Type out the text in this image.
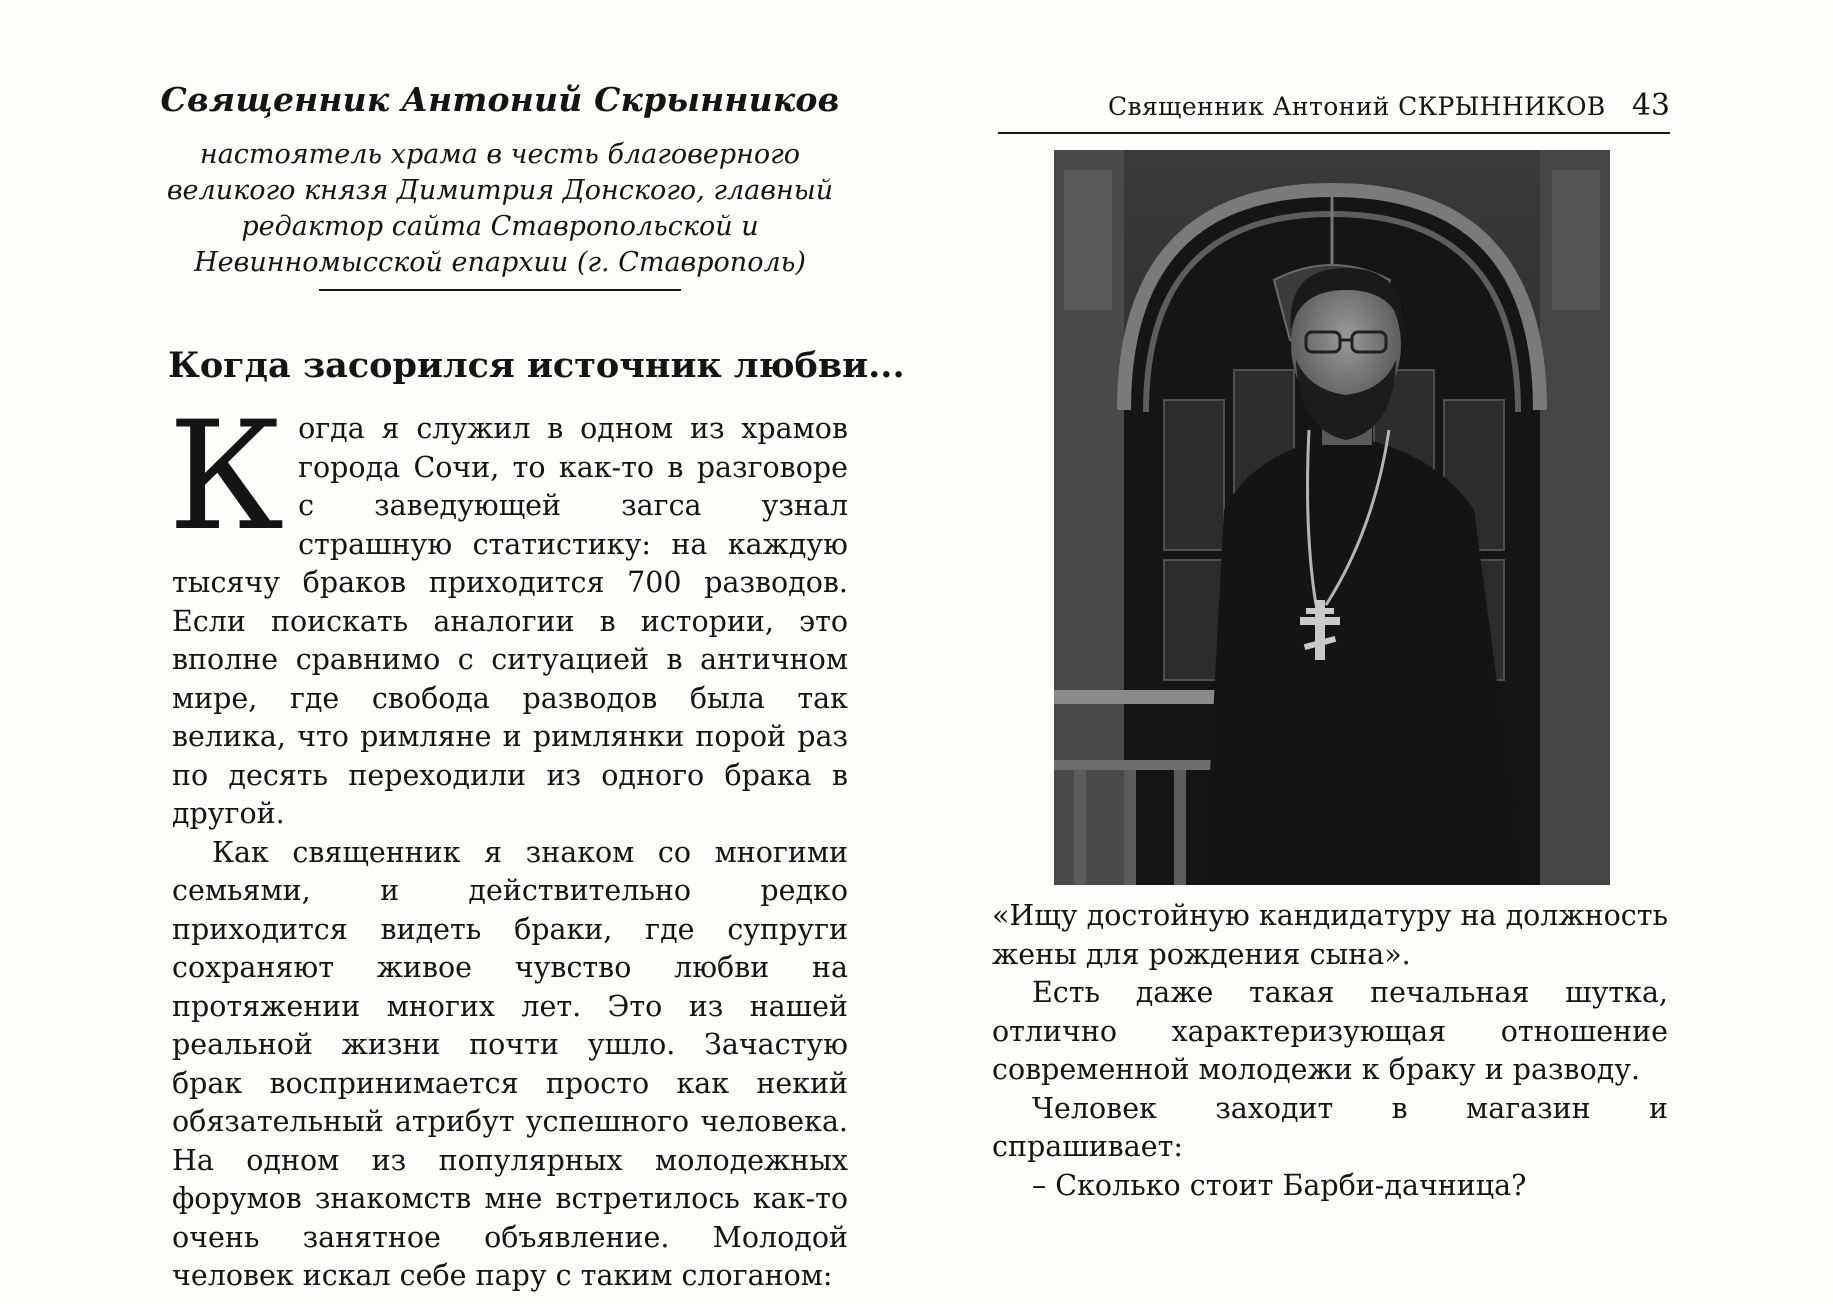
Священник Антоний Скрынников
настоятель храма в честь благоверного великого князя Димитрия Донского, главный редактор сайта Ставропольской и Невинномысской епархии (г. Ставрополь)
Когда засорился источник любви...

Когда я служил в одном из храмов города Сочи, то как-то в разговоре с заведующей загса узнал страшную статистику: на каждую тысячу браков приходится 700 разводов. Если поискать аналогии в истории, это вполне сравнимо с ситуацией в античном мире, где свобода разводов была так велика, что римляне и римлянки порой раз по десять переходили из одного брака в другой.

Как священник я знаком со многими семьями, и действительно редко приходится видеть браки, где супруги сохраняют живое чувство любви на протяжении многих лет. Это из нашей реальной жизни почти ушло. Зачастую брак воспринимается просто как некий обязательный атрибут успешного человека. На одном из популярных молодежных форумов знакомств мне встретилось как-то очень занятное объявление. Молодой человек искал себе пару с таким слоганом:

Священник Антоний СКРЫННИКОВ 43

«Ищу достойную кандидатуру на должность жены для рождения сына».

Есть даже такая печальная шутка, отлично характеризующая отношение современной молодежи к браку и разводу.

Человек заходит в магазин и спрашивает:

– Сколько стоит Барби-дачница?
